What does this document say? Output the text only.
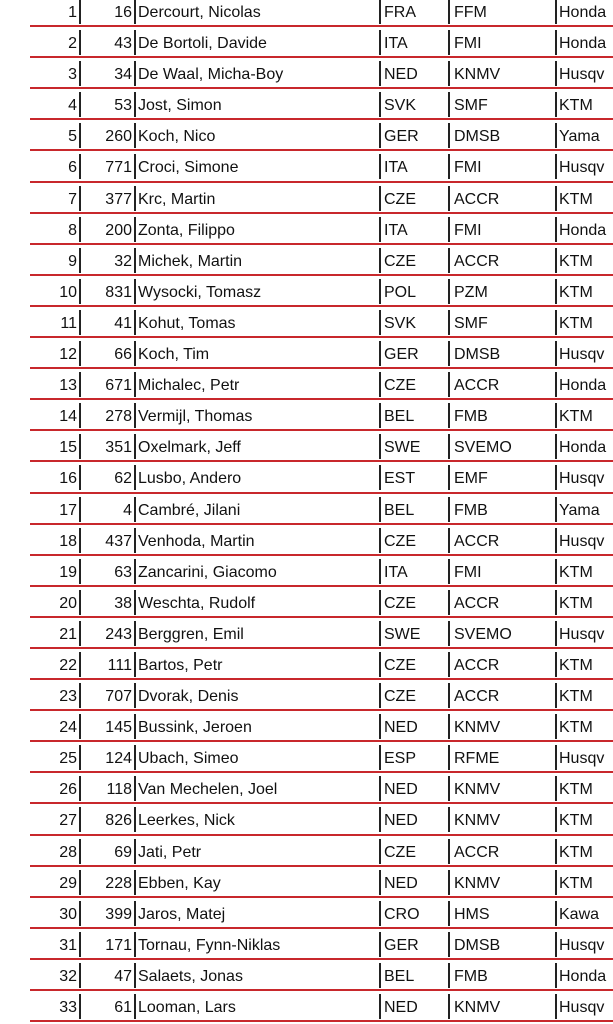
1	16 Dercourt, Nicolas	FRA	FFM	Honda
2	43 De Bortoli, Davide	ITA	FMI	Honda
3	34 De Waal, Micha-Boy	NED	KNMV	Husqv
4	53 Jost, Simon	SVK	SMF	KTM
5	260 Koch, Nico	GER	DMSB	Yama
6	771 Croci, Simone	ITA	FMI	Husqv
7	377 Krc, Martin	CZE	ACCR	KTM
8	200 Zonta, Filippo	ITA	FMI	Honda
9	32 Michek, Martin	CZE	ACCR	KTM
10	831 Wysocki, Tomasz	POL	PZM	KTM
11	41 Kohut, Tomas	SVK	SMF	KTM
12	66 Koch, Tim	GER	DMSB	Husqv
13	671 Michalec, Petr	CZE	ACCR	Honda
14	278 Vermijl, Thomas	BEL	FMB	KTM
15	351 Oxelmark, Jeff	SWE	SVEMO	Honda
16	62 Lusbo, Andero	EST	EMF	Husqv
17	4 Cambré, Jilani	BEL	FMB	Yama
18	437 Venhoda, Martin	CZE	ACCR	Husqv
19	63 Zancarini, Giacomo	ITA	FMI	KTM
20	38 Weschta, Rudolf	CZE	ACCR	KTM
21	243 Berggren, Emil	SWE	SVEMO	Husqv
22	111 Bartos, Petr	CZE	ACCR	KTM
23	707 Dvorak, Denis	CZE	ACCR	KTM
24	145 Bussink, Jeroen	NED	KNMV	KTM
25	124 Ubach, Simeo	ESP	RFME	Husqv
26	118 Van Mechelen, Joel	NED	KNMV	KTM
27	826 Leerkes, Nick	NED	KNMV	KTM
28	69 Jati, Petr	CZE	ACCR	KTM
29	228 Ebben, Kay	NED	KNMV	KTM
30	399 Jaros, Matej	CRO	HMS	Kawa
31	171 Tornau, Fynn-Niklas	GER	DMSB	Husqv
32	47 Salaets, Jonas	BEL	FMB	Honda
33	61 Looman, Lars	NED	KNMV	Husqv
